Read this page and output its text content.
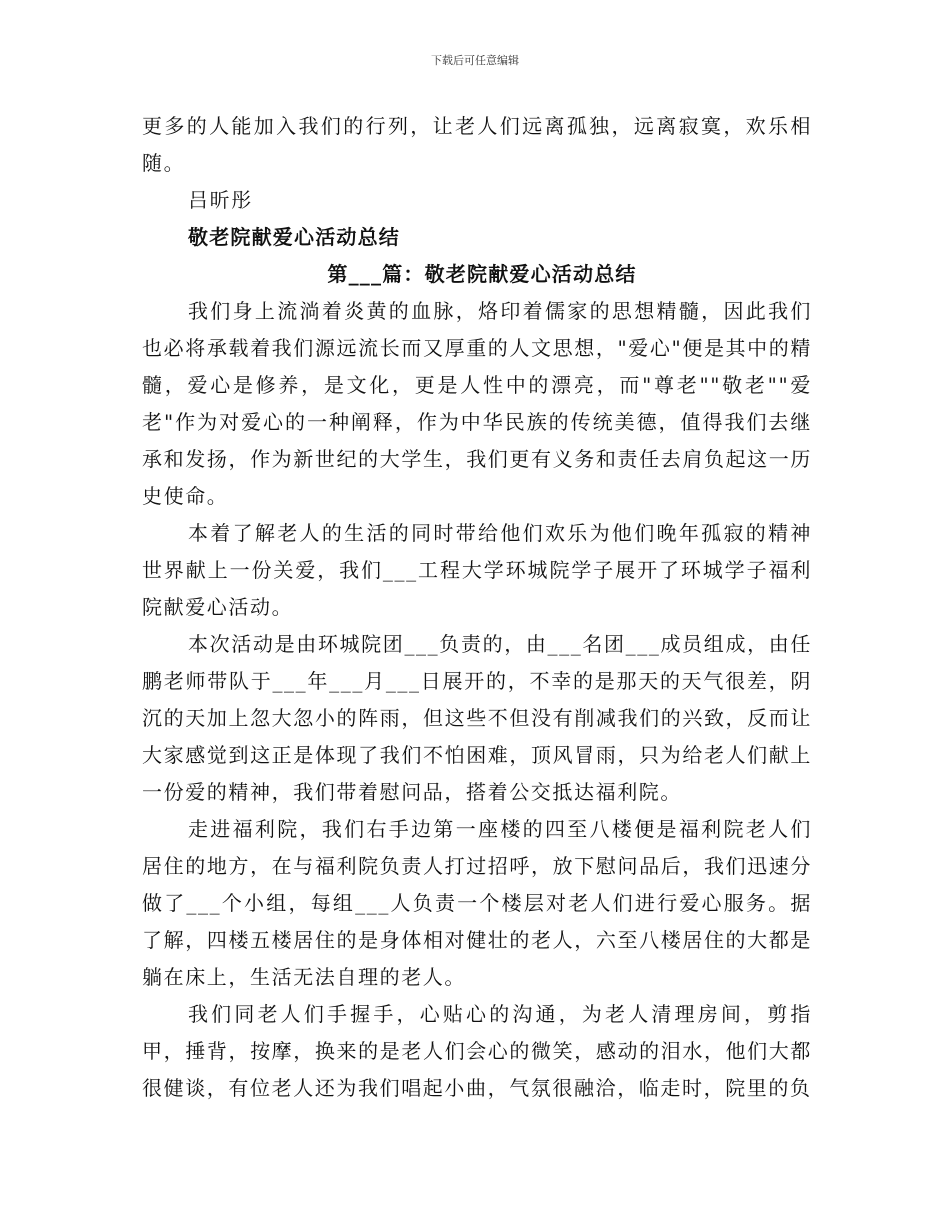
下载后可任意编辑

更多的人能加入我们的行列，让老人们远离孤独，远离寂寞，欢乐相随。

吕昕彤

敬老院献爱心活动总结

第___篇：敬老院献爱心活动总结

我们身上流淌着炎黄的血脉，烙印着儒家的思想精髓，因此我们也必将承载着我们源远流长而又厚重的人文思想，"爱心"便是其中的精髓，爱心是修养，是文化，更是人性中的漂亮，而"尊老""敬老""爱老"作为对爱心的一种阐释，作为中华民族的传统美德，值得我们去继承和发扬，作为新世纪的大学生，我们更有义务和责任去肩负起这一历史使命。

本着了解老人的生活的同时带给他们欢乐为他们晚年孤寂的精神世界献上一份关爱，我们___工程大学环城院学子展开了环城学子福利院献爱心活动。

本次活动是由环城院团___负责的，由___名团___成员组成，由任鹏老师带队于___年___月___日展开的，不幸的是那天的天气很差，阴沉的天加上忽大忽小的阵雨，但这些不但没有削减我们的兴致，反而让大家感觉到这正是体现了我们不怕困难，顶风冒雨，只为给老人们献上一份爱的精神，我们带着慰问品，搭着公交抵达福利院。

走进福利院，我们右手边第一座楼的四至八楼便是福利院老人们居住的地方，在与福利院负责人打过招呼，放下慰问品后，我们迅速分做了___个小组，每组___人负责一个楼层对老人们进行爱心服务。据了解，四楼五楼居住的是身体相对健壮的老人，六至八楼居住的大都是躺在床上，生活无法自理的老人。

我们同老人们手握手，心贴心的沟通，为老人清理房间，剪指甲，捶背，按摩，换来的是老人们会心的微笑，感动的泪水，他们大都很健谈，有位老人还为我们唱起小曲，气氛很融洽，临走时，院里的负
